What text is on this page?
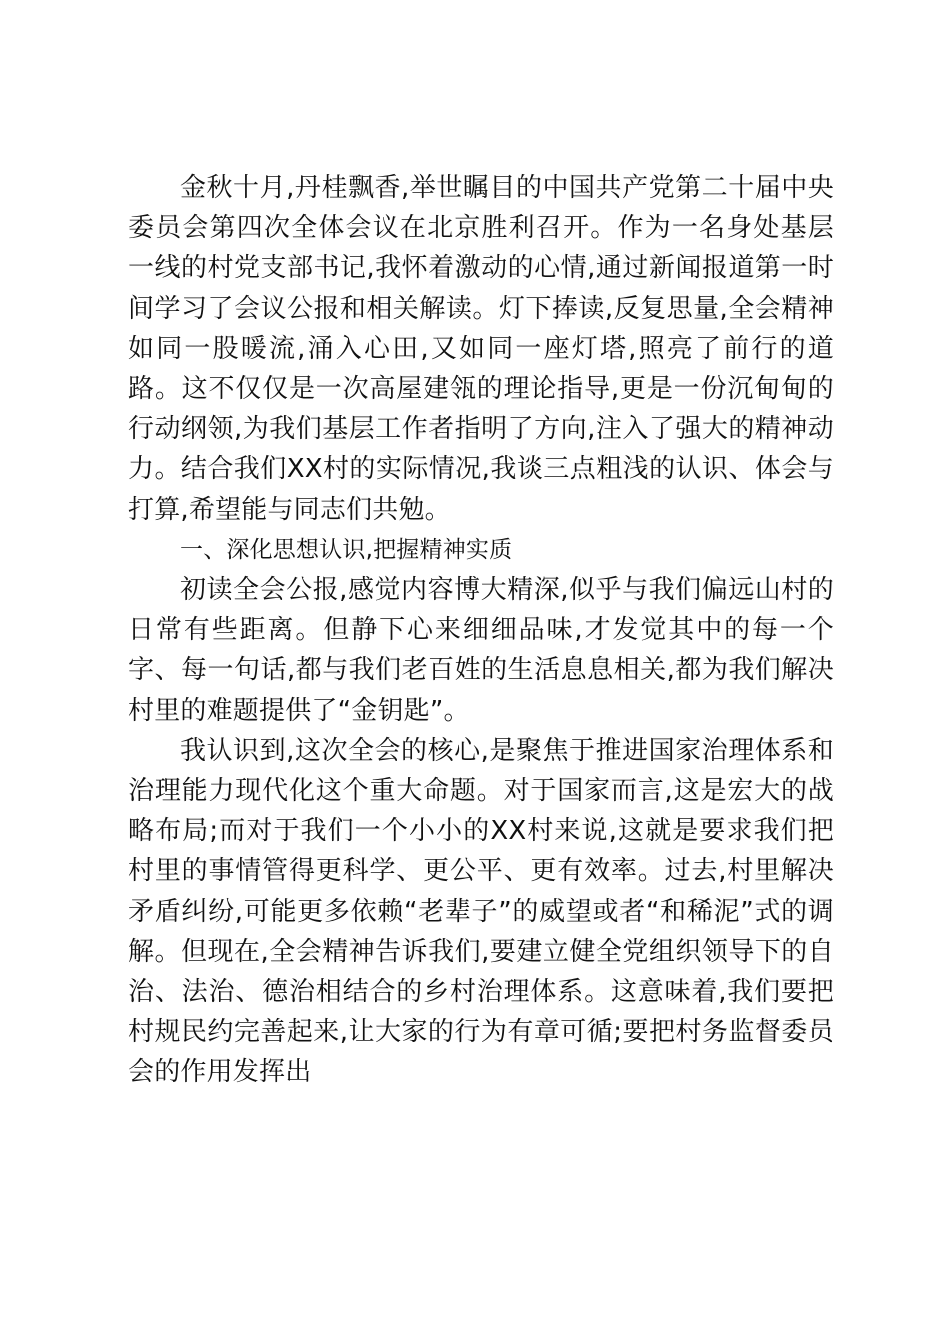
金秋十月,丹桂飘香,举世瞩目的中国共产党第二十届中央委员会第四次全体会议在北京胜利召开。作为一名身处基层一线的村党支部书记,我怀着激动的心情,通过新闻报道第一时间学习了会议公报和相关解读。灯下捧读,反复思量,全会精神如同一股暖流,涌入心田,又如同一座灯塔,照亮了前行的道路。这不仅仅是一次高屋建瓴的理论指导,更是一份沉甸甸的行动纲领,为我们基层工作者指明了方向,注入了强大的精神动力。结合我们XX村的实际情况,我谈三点粗浅的认识、体会与打算,希望能与同志们共勉。

一、深化思想认识,把握精神实质

初读全会公报,感觉内容博大精深,似乎与我们偏远山村的日常有些距离。但静下心来细细品味,才发觉其中的每一个字、每一句话,都与我们老百姓的生活息息相关,都为我们解决村里的难题提供了“金钥匙”。

我认识到,这次全会的核心,是聚焦于推进国家治理体系和治理能力现代化这个重大命题。对于国家而言,这是宏大的战略布局;而对于我们一个小小的XX村来说,这就是要求我们把村里的事情管得更科学、更公平、更有效率。过去,村里解决矛盾纠纷,可能更多依赖“老辈子”的威望或者“和稀泥”式的调解。但现在,全会精神告诉我们,要建立健全党组织领导下的自治、法治、德治相结合的乡村治理体系。这意味着,我们要把村规民约完善起来,让大家的行为有章可循;要把村务监督委员会的作用发挥出
